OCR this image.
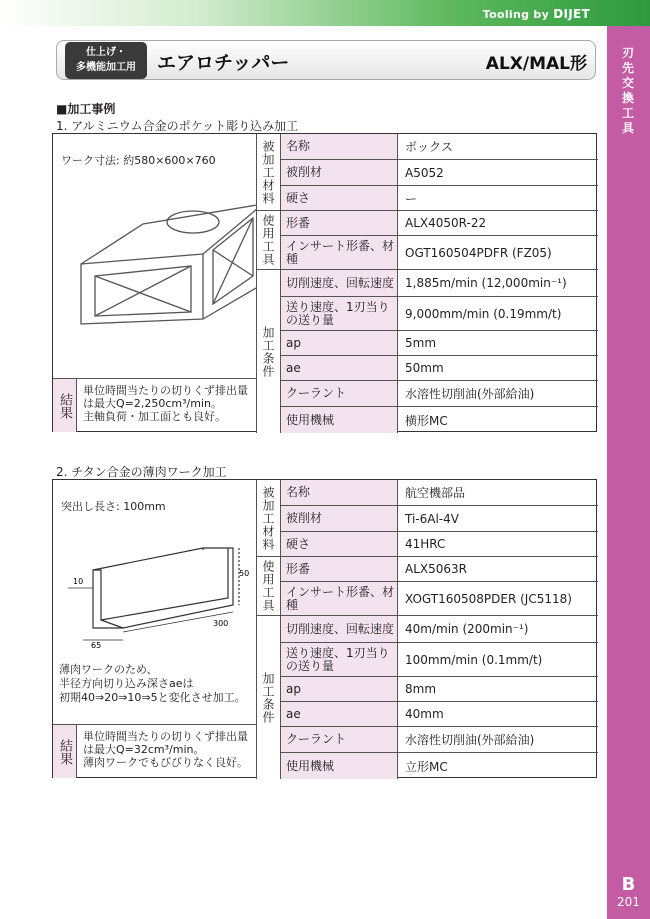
Tooling by DIJET
刃先交換工具
B
201
仕上げ・
多機能加工用	エアロチッパー	ALX/MAL形
■加工事例
1. アルミニウム合金のポケット彫り込み加工
ワーク寸法: 約580×600×760
結果
単位時間当たりの切りくず排出量
は最大Q=2,250cm³/min。
主軸負荷・加工面とも良好。
被加工材料
使用工具
加工条件
名称	ボックス
被削材	A5052
硬さ	ー
形番	ALX4050R-22
インサート形番、材種	OGT160504PDFR (FZ05)
切削速度、回転速度 1,885m/min (12,000min⁻¹)
送り速度、1刃当りの送り量	9,000mm/min (0.19mm/t)
ap	5mm
ae	50mm
クーラント	水溶性切削油(外部給油)
使用機械	横形MC
2. チタン合金の薄肉ワーク加工
突出し長さ: 100mm
50
10
300
65
薄肉ワークのため、
半径方向切り込み深さaeは
初期40⇒20⇒10⇒5と変化させ加工。
結果
単位時間当たりの切りくず排出量
は最大Q=32cm³/min。
薄肉ワークでもびびりなく良好。
被加工材料
使用工具
加工条件
名称	航空機部品
被削材	Ti-6Al-4V
硬さ	41HRC
形番	ALX5063R
インサート形番、材種	XOGT160508PDER (JC5118)
切削速度、回転速度 40m/min (200min⁻¹)
送り速度、1刃当りの送り量	100mm/min (0.1mm/t)
ap	8mm
ae	40mm
クーラント	水溶性切削油(外部給油)
使用機械	立形MC
